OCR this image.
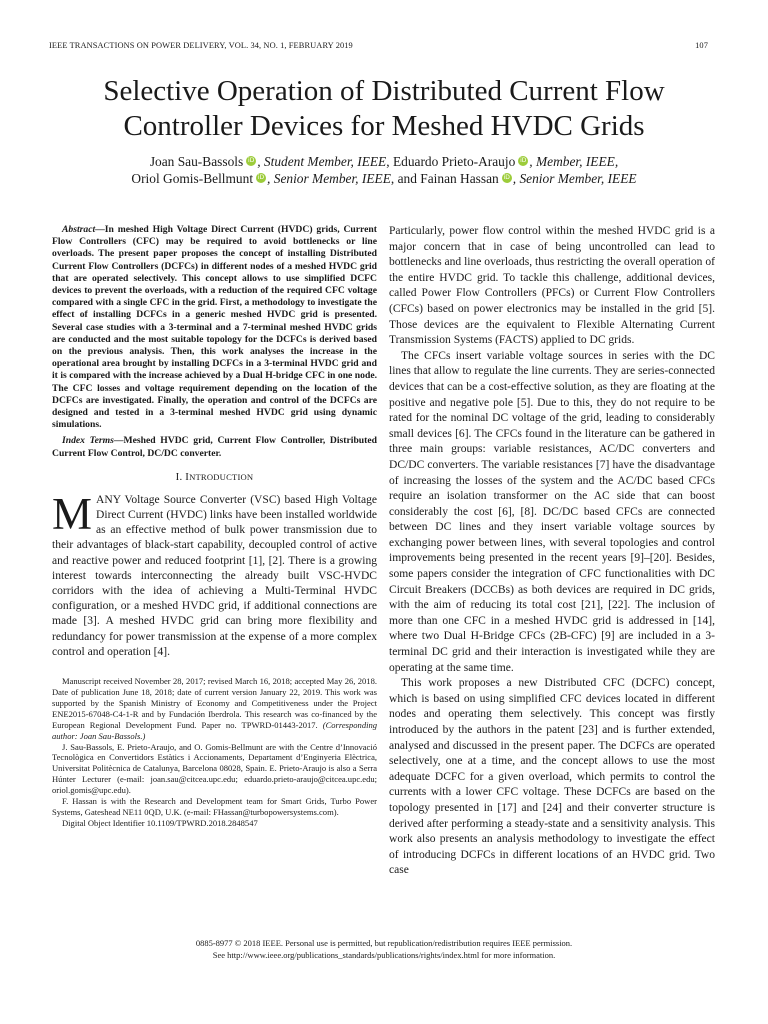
IEEE TRANSACTIONS ON POWER DELIVERY, VOL. 34, NO. 1, FEBRUARY 2019	107
Selective Operation of Distributed Current Flow
Controller Devices for Meshed HVDC Grids
Joan Sau-Bassols iD , Student Member, IEEE, Eduardo Prieto-Araujo iD , Member, IEEE,
Oriol Gomis-Bellmunt iD , Senior Member, IEEE, and Fainan Hassan iD , Senior Member, IEEE

Abstract—In meshed High Voltage Direct Current (HVDC) grids, Current Flow Controllers (CFC) may be required to avoid bottlenecks or line overloads. The present paper proposes the concept of installing Distributed Current Flow Controllers (DCFCs) in different nodes of a meshed HVDC grid that are operated selectively. This concept allows to use simplified DCFC devices to prevent the overloads, with a reduction of the required CFC voltage compared with a single CFC in the grid. First, a methodology to investigate the effect of installing DCFCs in a generic meshed HVDC grid is presented. Several case studies with a 3-terminal and a 7-terminal meshed HVDC grids are conducted and the most suitable topology for the DCFCs is derived based on the previous analysis. Then, this work analyses the increase in the operational area brought by installing DCFCs in a 3-terminal HVDC grid and it is compared with the increase achieved by a Dual H-bridge CFC in one node. The CFC losses and voltage requirement depending on the location of the DCFCs are investigated. Finally, the operation and control of the DCFCs are designed and tested in a 3-terminal meshed HVDC grid using dynamic simulations.

Index Terms—Meshed HVDC grid, Current Flow Controller, Distributed Current Flow Control, DC/DC converter.

I. INTRODUCTION

MANY Voltage Source Converter (VSC) based High Voltage Direct Current (HVDC) links have been installed worldwide as an effective method of bulk power transmission due to their advantages of black-start capability, decoupled control of active and reactive power and reduced footprint [1], [2]. There is a growing interest towards interconnecting the already built VSC-HVDC corridors with the idea of achieving a Multi-Terminal HVDC configuration, or a meshed HVDC grid, if additional connections are made [3]. A meshed HVDC grid can bring more flexibility and redundancy for power transmission at the expense of a more complex control and operation [4].

Manuscript received November 28, 2017; revised March 16, 2018; accepted May 26, 2018. Date of publication June 18, 2018; date of current version January 22, 2019. This work was supported by the Spanish Ministry of Economy and Competitiveness under the Project ENE2015-67048-C4-1-R and by Fundación Iberdrola. This research was co-financed by the European Regional Development Fund. Paper no. TPWRD-01443-2017. (Corresponding author: Joan Sau-Bassols.)

J. Sau-Bassols, E. Prieto-Araujo, and O. Gomis-Bellmunt are with the Centre d’Innovació Tecnològica en Convertidors Estàtics i Accionaments, Departament d’Enginyeria Elèctrica, Universitat Politècnica de Catalunya, Barcelona 08028, Spain. E. Prieto-Araujo is also a Serra Húnter Lecturer (e-mail: joan.sau@citcea.upc.edu; eduardo.prieto-araujo@citcea.upc.edu; oriol.gomis@upc.edu).

F. Hassan is with the Research and Development team for Smart Grids, Turbo Power Systems, Gateshead NE11 0QD, U.K. (e-mail: FHassan@turbopowersystems.com).

Digital Object Identifier 10.1109/TPWRD.2018.2848547

Particularly, power flow control within the meshed HVDC grid is a major concern that in case of being uncontrolled can lead to bottlenecks and line overloads, thus restricting the overall operation of the entire HVDC grid. To tackle this challenge, additional devices, called Power Flow Controllers (PFCs) or Current Flow Controllers (CFCs) based on power electronics may be installed in the grid [5]. Those devices are the equivalent to Flexible Alternating Current Transmission Systems (FACTS) applied to DC grids.

The CFCs insert variable voltage sources in series with the DC lines that allow to regulate the line currents. They are series-connected devices that can be a cost-effective solution, as they are floating at the positive and negative pole [5]. Due to this, they do not require to be rated for the nominal DC voltage of the grid, leading to considerably small devices [6]. The CFCs found in the literature can be gathered in three main groups: variable resistances, AC/DC converters and DC/DC converters. The variable resistances [7] have the disadvantage of increasing the losses of the system and the AC/DC based CFCs require an isolation transformer on the AC side that can boost considerably the cost [6], [8]. DC/DC based CFCs are connected between DC lines and they insert variable voltage sources by exchanging power between lines, with several topologies and control improvements being presented in the recent years [9]–[20]. Besides, some papers consider the integration of CFC functionalities with DC Circuit Breakers (DCCBs) as both devices are required in DC grids, with the aim of reducing its total cost [21], [22]. The inclusion of more than one CFC in a meshed HVDC grid is addressed in [14], where two Dual H-Bridge CFCs (2B-CFC) [9] are included in a 3-terminal DC grid and their interaction is investigated while they are operating at the same time.

This work proposes a new Distributed CFC (DCFC) concept, which is based on using simplified CFC devices located in different nodes and operating them selectively. This concept was firstly introduced by the authors in the patent [23] and is further extended, analysed and discussed in the present paper. The DCFCs are operated selectively, one at a time, and the concept allows to use the most adequate DCFC for a given overload, which permits to control the currents with a lower CFC voltage. These DCFCs are based on the topology presented in [17] and [24] and their converter structure is derived after performing a steady-state and a sensitivity analysis. This work also presents an analysis methodology to investigate the effect of introducing DCFCs in different locations of an HVDC grid. Two case

0885-8977 © 2018 IEEE. Personal use is permitted, but republication/redistribution requires IEEE permission.
See http://www.ieee.org/publications_standards/publications/rights/index.html for more information.
